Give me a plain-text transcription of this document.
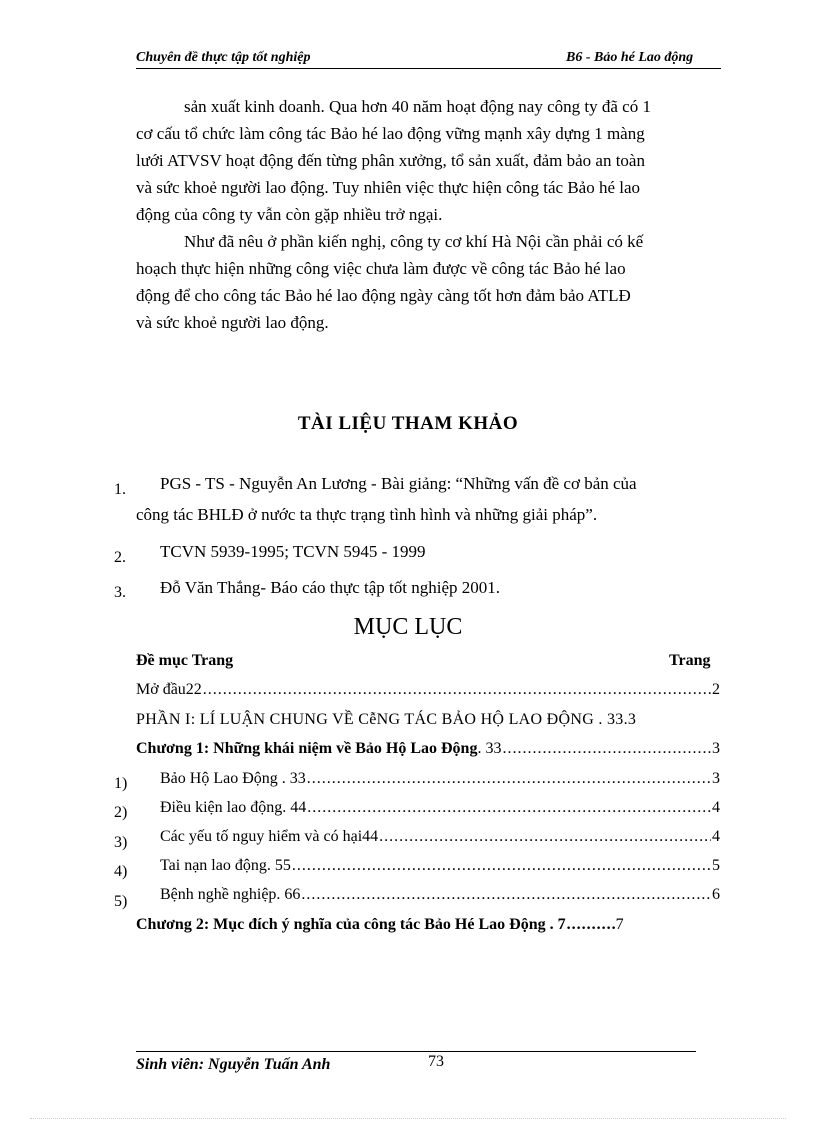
Chuyên đề thực tập tốt nghiệp	B6 - Bảo hé Lao động
sản xuất kinh doanh. Qua hơn 40 năm hoạt động nay công ty đã có 1
cơ cấu tổ chức làm công tác Bảo hé lao động vững mạnh xây dựng 1 màng
lưới ATVSV hoạt động đến từng phân xưởng, tổ sản xuất, đảm bảo an toàn
và sức khoẻ người lao động. Tuy nhiên việc thực hiện công tác Bảo hé lao
động của công ty vẫn còn gặp nhiều trở ngại.
Như đã nêu ở phần kiến nghị, công ty cơ khí Hà Nội cần phải có kế
hoạch thực hiện những công việc chưa làm được về công tác Bảo hé lao
động để cho công tác Bảo hé lao động ngày càng tốt hơn đảm bảo ATLĐ
và sức khoẻ người lao động.
TÀI LIỆU THAM KHẢO
1. PGS - TS - Nguyễn An Lương - Bài giảng: “Những vấn đề cơ bản của
công tác BHLĐ ở nước ta thực trạng tình hình và những giải pháp”.
2. TCVN 5939-1995; TCVN 5945 - 1999
3. Đỗ Văn Thắng- Báo cáo thực tập tốt nghiệp 2001.
MỤC LỤC
Đề mục Trang	Trang
Mở đầu22 .....	2
PHẦN I: LÍ LUẬN CHUNG VỀ CễNG TÁC BẢO HỘ LAO ĐỘNG . 33 .3
Chương 1: Những khái niệm về Bảo Hộ Lao Động . 33 .....	3
1) Bảo Hộ Lao Động . 33 .....	3
2) Điều kiện lao động. 44 .....	4
3) Các yếu tố nguy hiểm và có hại44 .....	4
4) Tai nạn lao động. 55 .....	5
5) Bệnh nghề nghiệp. 66 .....	6
Chương 2: Mục đích ý nghĩa của công tác Bảo Hé Lao Động . 7 .....	7
Sinh viên: Nguyễn Tuấn Anh	73
